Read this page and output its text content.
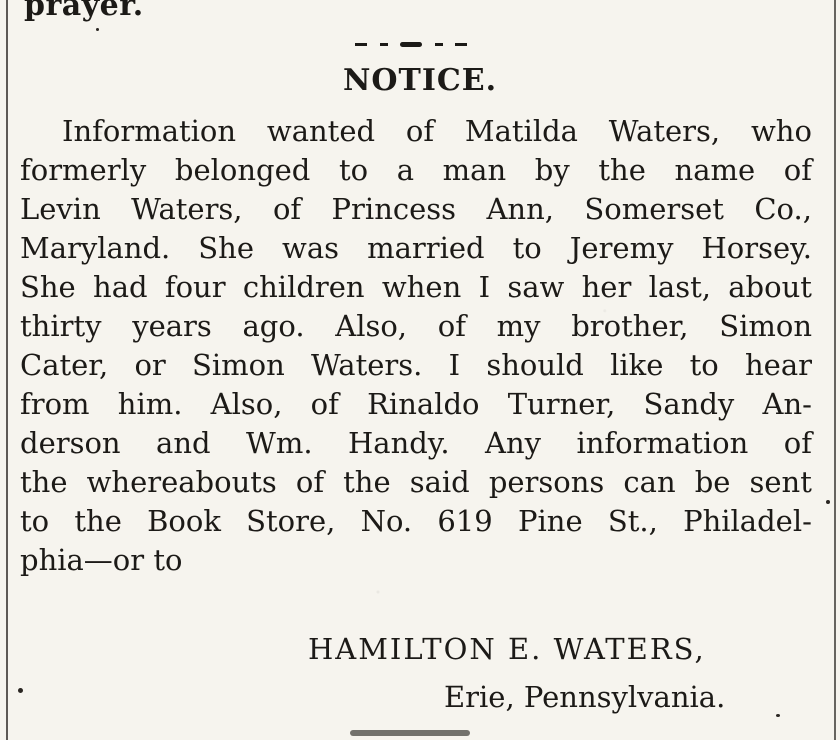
prayer.
NOTICE.
Information wanted of Matilda Waters, who
formerly belonged to a man by the name of
Levin Waters, of Princess Ann, Somerset Co.,
Maryland. She was married to Jeremy Horsey.
She had four children when I saw her last, about
thirty years ago. Also, of my brother, Simon
Cater, or Simon Waters. I should like to hear
from him. Also, of Rinaldo Turner, Sandy An-
derson and Wm. Handy. Any information of
the whereabouts of the said persons can be sent
to the Book Store, No. 619 Pine St., Philadel-
phia—or to
HAMILTON E. WATERS,
Erie, Pennsylvania.
